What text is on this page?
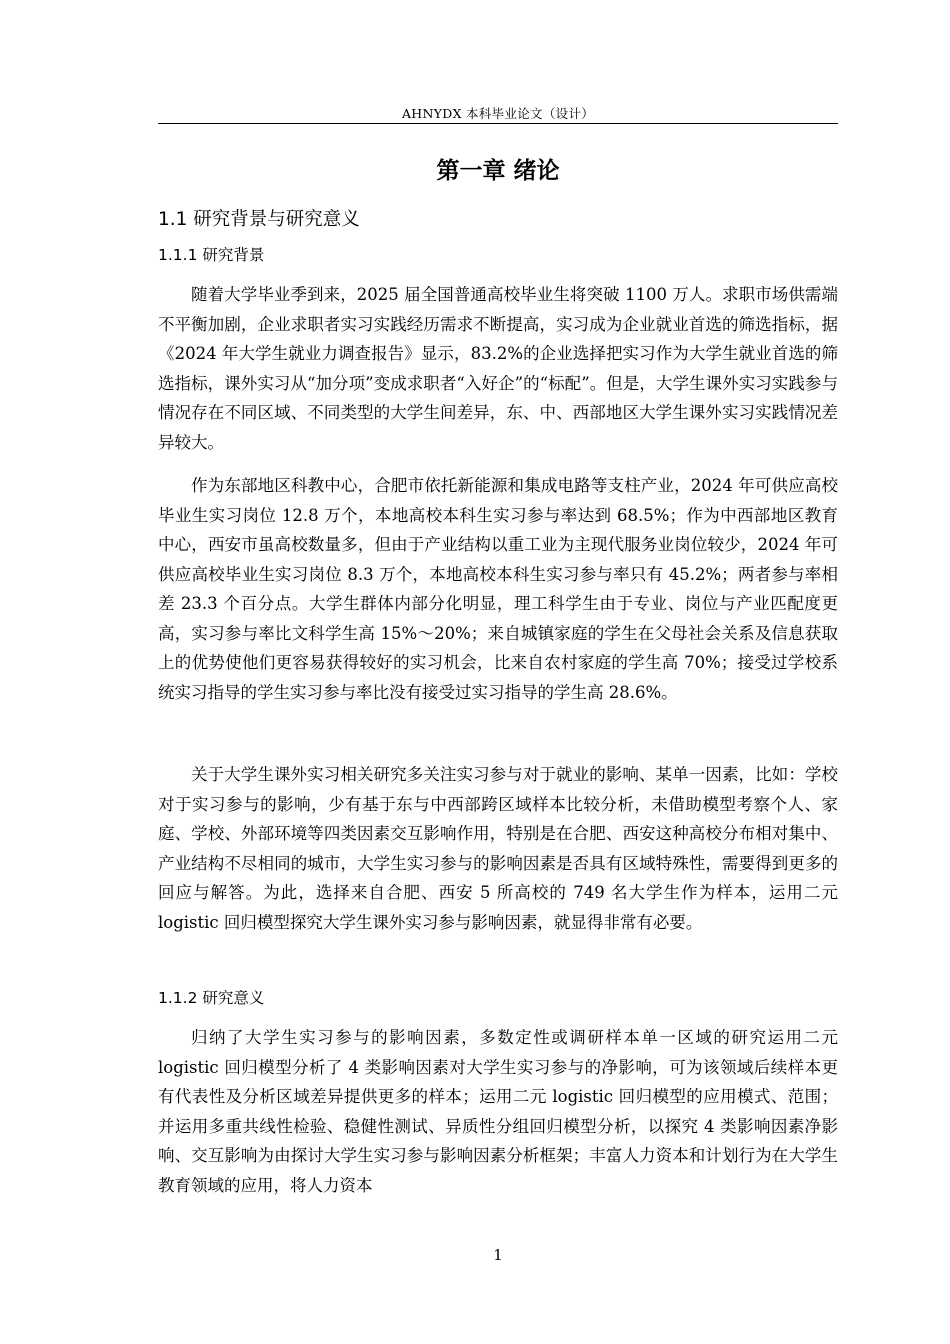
AHNYDX 本科毕业论文（设计）
第一章 绪论
1.1 研究背景与研究意义
1.1.1 研究背景

随着大学毕业季到来，2025 届全国普通高校毕业生将突破 1100 万人。求职市场供需端不平衡加剧，企业求职者实习实践经历需求不断提高，实习成为企业就业首选的筛选指标，据《2024 年大学生就业力调查报告》显示，83.2%的企业选择把实习作为大学生就业首选的筛选指标，课外实习从“加分项”变成求职者“入好企”的“标配”。但是，大学生课外实习实践参与情况存在不同区域、不同类型的大学生间差异，东、中、西部地区大学生课外实习实践情况差异较大。

作为东部地区科教中心，合肥市依托新能源和集成电路等支柱产业，2024 年可供应高校毕业生实习岗位 12.8 万个，本地高校本科生实习参与率达到 68.5%；作为中西部地区教育中心，西安市虽高校数量多，但由于产业结构以重工业为主现代服务业岗位较少，2024 年可供应高校毕业生实习岗位 8.3 万个，本地高校本科生实习参与率只有 45.2%；两者参与率相差 23.3 个百分点。大学生群体内部分化明显，理工科学生由于专业、岗位与产业匹配度更高，实习参与率比文科学生高 15%～20%；来自城镇家庭的学生在父母社会关系及信息获取上的优势使他们更容易获得较好的实习机会，比来自农村家庭的学生高 70%；接受过学校系统实习指导的学生实习参与率比没有接受过实习指导的学生高 28.6%。

关于大学生课外实习相关研究多关注实习参与对于就业的影响、某单一因素，比如：学校对于实习参与的影响，少有基于东与中西部跨区域样本比较分析，未借助模型考察个人、家庭、学校、外部环境等四类因素交互影响作用，特别是在合肥、西安这种高校分布相对集中、产业结构不尽相同的城市，大学生实习参与的影响因素是否具有区域特殊性，需要得到更多的回应与解答。为此，选择来自合肥、西安 5 所高校的 749 名大学生作为样本，运用二元 logistic 回归模型探究大学生课外实习参与影响因素，就显得非常有必要。

1.1.2 研究意义

归纳了大学生实习参与的影响因素，多数定性或调研样本单一区域的研究运用二元 logistic 回归模型分析了 4 类影响因素对大学生实习参与的净影响，可为该领域后续样本更有代表性及分析区域差异提供更多的样本；运用二元 logistic 回归模型的应用模式、范围；并运用多重共线性检验、稳健性测试、异质性分组回归模型分析，以探究 4 类影响因素净影响、交互影响为由探讨大学生实习参与影响因素分析框架；丰富人力资本和计划行为在大学生教育领域的应用，将人力资本

1
